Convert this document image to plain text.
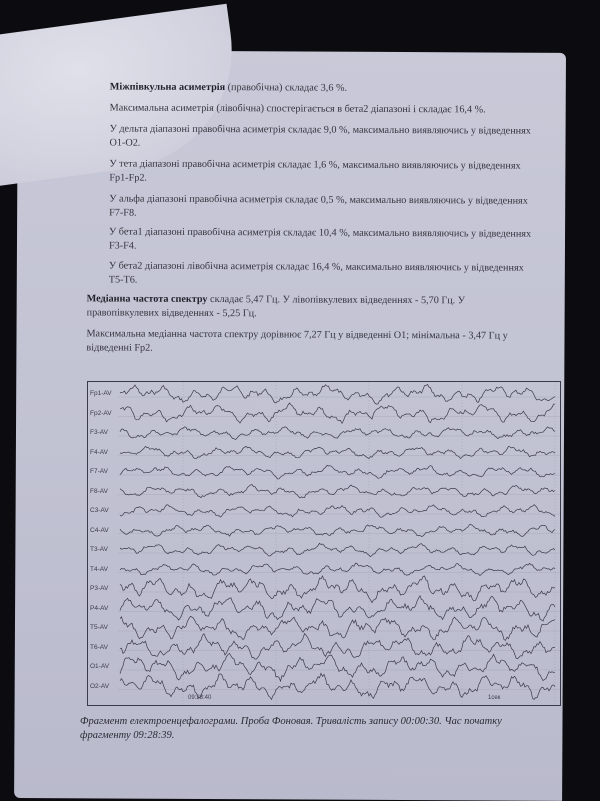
Міжпівкульна асиметрія (правобічна) складає 3,6 %.
Максимальна асиметрія (лівобічна) спостерігається в бета2 діапазоні і складає 16,4 %.
У дельта діапазоні правобічна асиметрія складає 9,0 %, максимально виявляючись у відведеннях O1-O2.
У тета діапазоні правобічна асиметрія складає 1,6 %, максимально виявляючись у відведеннях Fp1-Fp2.
У альфа діапазоні правобічна асиметрія складає 0,5 %, максимально виявляючись у відведеннях F7-F8.
У бета1 діапазоні правобічна асиметрія складає 10,4 %, максимально виявляючись у відведеннях F3-F4.
У бета2 діапазоні лівобічна асиметрія складає 16,4 %, максимально виявляючись у відведеннях T5-T6.
Медіанна частота спектру складає 5,47 Гц. У лівопівкулевих відведеннях - 5,70 Гц. У правопівкулевих відведеннях - 5,25 Гц.
Максимальна медіанна частота спектру дорівнює 7,27 Гц у відведенні O1; мінімальна - 3,47 Гц у відведенні Fp2.
Fp1-AV
Fp2-AV
F3-AV
F4-AV
F7-AV
F8-AV
C3-AV
C4-AV
T3-AV
T4-AV
P3-AV
P4-AV
T5-AV
T6-AV
O1-AV
O2-AV
09:28:40	1сек
Фрагмент електроенцефалограми. Проба Фоновая. Тривалість запису 00:00:30. Час початку фрагменту 09:28:39.
